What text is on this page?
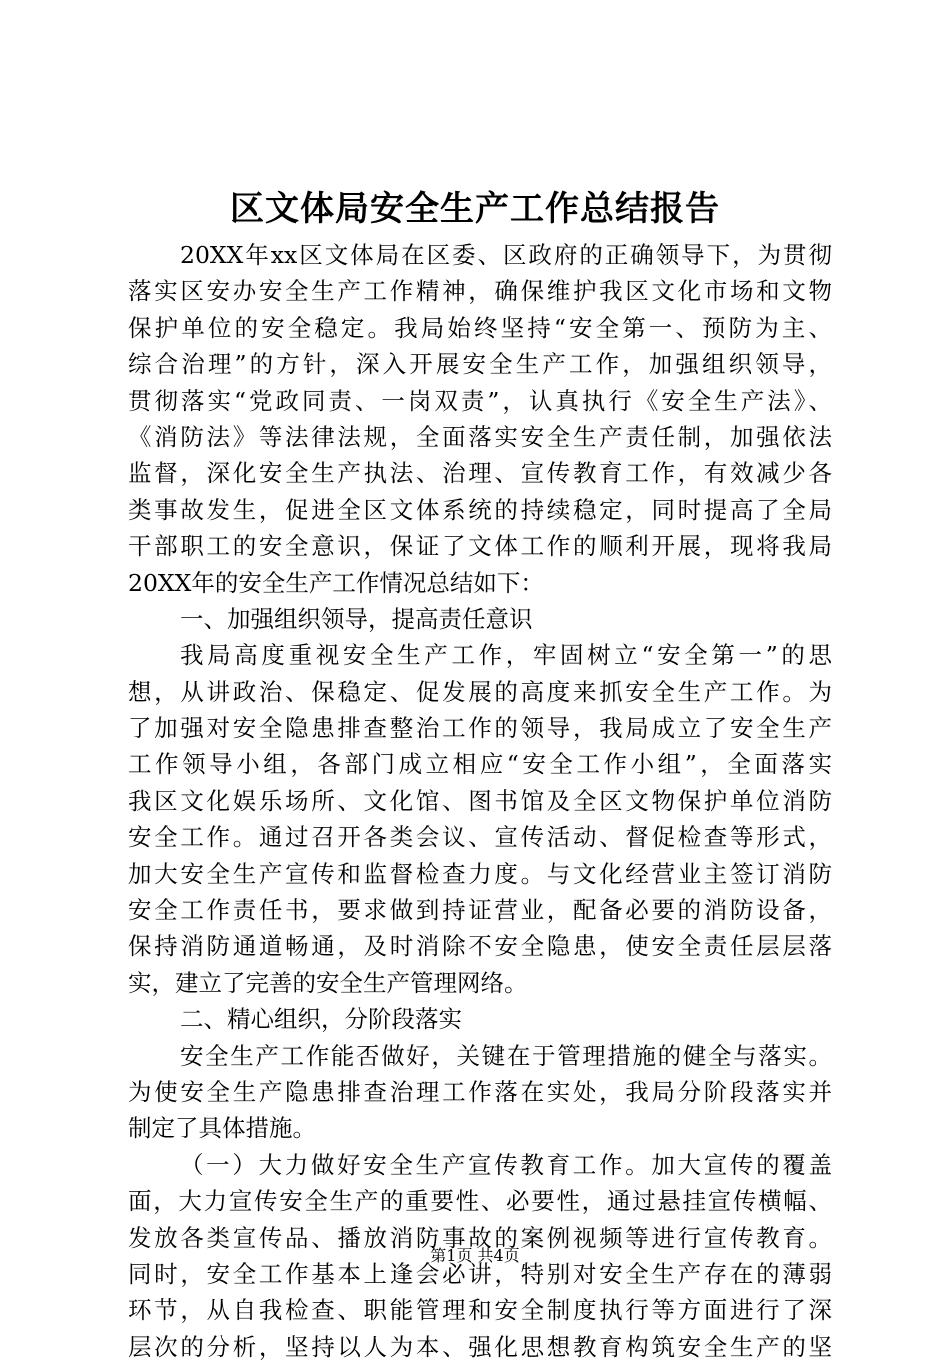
区文体局安全生产工作总结报告
20XX年xx区文体局在区委、区政府的正确领导下，为贯彻
落实区安办安全生产工作精神，确保维护我区文化市场和文物
保护单位的安全稳定。我局始终坚持“安全第一、预防为主、
综合治理”的方针，深入开展安全生产工作，加强组织领导，
贯彻落实“党政同责、一岗双责”，认真执行《安全生产法》、
《消防法》等法律法规，全面落实安全生产责任制，加强依法
监督，深化安全生产执法、治理、宣传教育工作，有效减少各
类事故发生，促进全区文体系统的持续稳定，同时提高了全局
干部职工的安全意识，保证了文体工作的顺利开展，现将我局
20XX年的安全生产工作情况总结如下：
一、加强组织领导，提高责任意识
我局高度重视安全生产工作，牢固树立“安全第一”的思
想，从讲政治、保稳定、促发展的高度来抓安全生产工作。为
了加强对安全隐患排查整治工作的领导，我局成立了安全生产
工作领导小组，各部门成立相应“安全工作小组”，全面落实
我区文化娱乐场所、文化馆、图书馆及全区文物保护单位消防
安全工作。通过召开各类会议、宣传活动、督促检查等形式，
加大安全生产宣传和监督检查力度。与文化经营业主签订消防
安全工作责任书，要求做到持证营业，配备必要的消防设备，
保持消防通道畅通，及时消除不安全隐患，使安全责任层层落
实，建立了完善的安全生产管理网络。
二、精心组织，分阶段落实
安全生产工作能否做好，关键在于管理措施的健全与落实。
为使安全生产隐患排查治理工作落在实处，我局分阶段落实并
制定了具体措施。
（一）大力做好安全生产宣传教育工作。加大宣传的覆盖
面，大力宣传安全生产的重要性、必要性，通过悬挂宣传横幅、
发放各类宣传品、播放消防事故的案例视频等进行宣传教育。
同时，安全工作基本上逢会必讲，特别对安全生产存在的薄弱
环节，从自我检查、职能管理和安全制度执行等方面进行了深
层次的分析，坚持以人为本、强化思想教育构筑安全生产的坚
第1页 共4页
